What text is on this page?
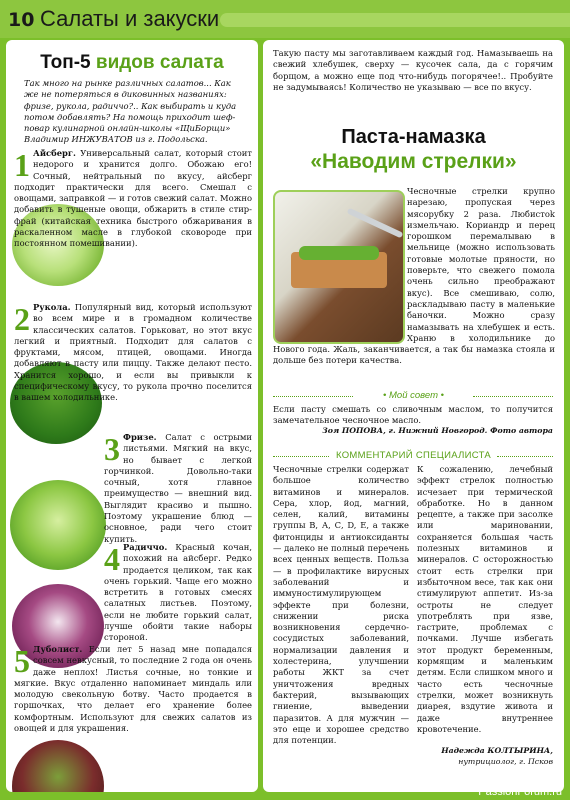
10 Салаты и закуски
Топ-5 видов салата
Так много на рынке различных салатов... Как же не потеряться в диковинных названиях: фризе, рукола, радиччо?.. Как выбирать и куда потом добавлять? На помощь приходит шеф-повар кулинарной онлайн-школы «ЩиБорщи» Владимир ИНЖУВАТОВ из г. Подольска.

1 Айсберг. Универсальный салат, который стоит недорого и хранится долго. Обожаю его! Сочный, нейтральный по вкусу, айсберг подходит практически для всего. Смешал с овощами, заправкой — и готов свежий салат. Можно добавить в тушеные овощи, обжарить в стиле стир-фрай (китайская техника быстрого обжаривания в раскаленном масле в глубокой сковороде при постоянном помешивании).

2 Рукола. Популярный вид, который используют во всем мире и в громадном количестве классических салатов. Горьковат, но этот вкус легкий и приятный. Подходит для салатов с фруктами, мясом, птицей, овощами. Иногда добавляют в пасту или пиццу. Также делают песто. Хранится хорошо, и если вы привыкли к специфическому вкусу, то рукола прочно поселится в вашем холодильнике.

3 Фризе. Салат с острыми листьями. Мягкий на вкус, но бывает с легкой горчинкой. Довольно-таки сочный, хотя главное преимущество — внешний вид. Выглядит красиво и пышно. Поэтому украшение блюд — основное, ради чего стоит купить.

4 Радиччо. Красный кочан, похожий на айсберг. Редко продается целиком, так как очень горький. Чаще его можно встретить в готовых смесях салатных листьев. Поэтому, если не любите горький салат, лучше обойти такие наборы стороной.

5 Дуболист. Если лет 5 назад мне попадался совсем невкусный, то последние 2 года он очень даже неплох! Листья сочные, но тонкие и мягкие. Вкус отдаленно напоминает миндаль или молодую свекольную ботву. Часто продается в горшочках, что делает его хранение более комфортным. Используют для свежих салатов из овощей и для украшения.

Такую пасту мы заготавливаем каждый год. Намазываешь на свежий хлебушек, сверху — кусочек сала, да с горячим борщом, а можно еще под что-нибудь погорячее!.. Пробуйте не задумываясь! Количество не указываю — все по вкусу.

Паста-намазка
«Наводим стрелки»

Чесночные стрелки крупно нарезаю, пропуская через мясорубку 2 раза. Любистok измельчаю. Кориандр и перец горошком перемалываю в мельнице (можно использовать готовые молотые пряности, но поверьте, что свежего помола очень сильно преображают вкус). Все смешиваю, солю, раскладываю пасту в маленькие баночки. Можно сразу намазывать на хлебушек и есть. Храню в холодильнике до Нового года. Жаль, заканчивается, а так бы намазка стояла и дольше без потери качества.

• Мой совет •

Если пасту смешать со сливочным маслом, то получится замечательное чесночное масло.

Зоя ПОПОВА, г. Нижний Новгород. Фото автора
КОММЕНТАРИЙ СПЕЦИАЛИСТА

Чесночные стрелки содержат большое количество витаминов и минералов. Сера, хлор, йод, магний, селен, калий, витамины группы В, А, С, D, Е, а также фитонциды и антиоксиданты — далеко не полный перечень всех ценных веществ. Польза — в профилактике вирусных заболеваний и иммуностимулирующем эффекте при болезни, снижении риска возникновения сердечно-сосудистых заболеваний, нормализации давления и холестерина, улучшении работы ЖКТ за счет уничтожения вредных бактерий, вызывающих гниение, выведении паразитов. А для мужчин — это еще и хорошее средство для потенции.

К сожалению, лечебный эффект стрелок полностью исчезает при термической обработке. Но в данном рецепте, а также при засолке или мариновании, сохраняется большая часть полезных витаминов и минералов. С осторожностью стоит есть стрелки при избыточном весе, так как они стимулируют аппетит. Из-за остроты не следует употреблять при язве, гастрите, проблемах с почками. Лучше избегать этот продукт беременным, кормящим и маленьким детям. Если слишком много и часто есть чесночные стрелки, может возникнуть диарея, вздутие живота и даже внутреннее кровотечение.

Надежда КОЛТЫРИНА,
нутрициолог, г. Псков
PassionForum.ru
